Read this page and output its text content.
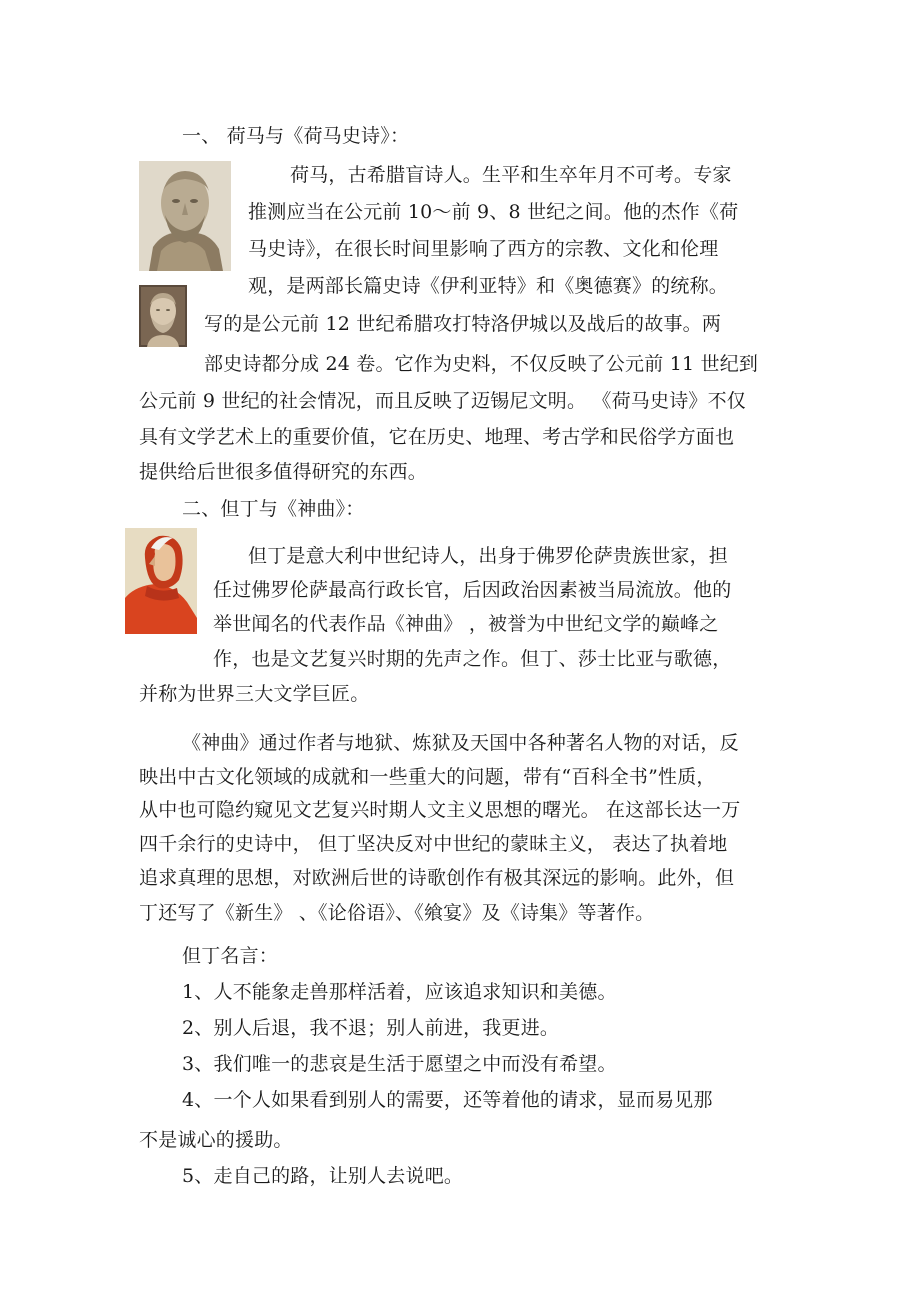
一、 荷马与《荷马史诗》：
荷马，古希腊盲诗人。生平和生卒年月不可考。专家
推测应当在公元前 10～前 9、8 世纪之间。他的杰作《荷
马史诗》，在很长时间里影响了西方的宗教、文化和伦理
观，是两部长篇史诗《伊利亚特》和《奥德赛》的统称。
写的是公元前 12 世纪希腊攻打特洛伊城以及战后的故事。两
部史诗都分成 24 卷。它作为史料，不仅反映了公元前 11 世纪到
公元前 9 世纪的社会情况，而且反映了迈锡尼文明。 《荷马史诗》不仅
具有文学艺术上的重要价值，它在历史、地理、考古学和民俗学方面也
提供给后世很多值得研究的东西。
二、但丁与《神曲》：
但丁是意大利中世纪诗人，出身于佛罗伦萨贵族世家，担
任过佛罗伦萨最高行政长官，后因政治因素被当局流放。他的
举世闻名的代表作品《神曲》 ，被誉为中世纪文学的巅峰之
作，也是文艺复兴时期的先声之作。但丁、莎士比亚与歌德，
并称为世界三大文学巨匠。
《神曲》通过作者与地狱、炼狱及天国中各种著名人物的对话，反
映出中古文化领域的成就和一些重大的问题，带有“百科全书”性质，
从中也可隐约窥见文艺复兴时期人文主义思想的曙光。 在这部长达一万
四千余行的史诗中， 但丁坚决反对中世纪的蒙昧主义， 表达了执着地
追求真理的思想，对欧洲后世的诗歌创作有极其深远的影响。此外，但
丁还写了《新生》 、《论俗语》、《飨宴》及《诗集》等著作。
但丁名言：
1、人不能象走兽那样活着，应该追求知识和美德。
2、别人后退，我不退；别人前进，我更进。
3、我们唯一的悲哀是生活于愿望之中而没有希望。
4、一个人如果看到别人的需要，还等着他的请求，显而易见那
不是诚心的援助。
5、走自己的路，让别人去说吧。
